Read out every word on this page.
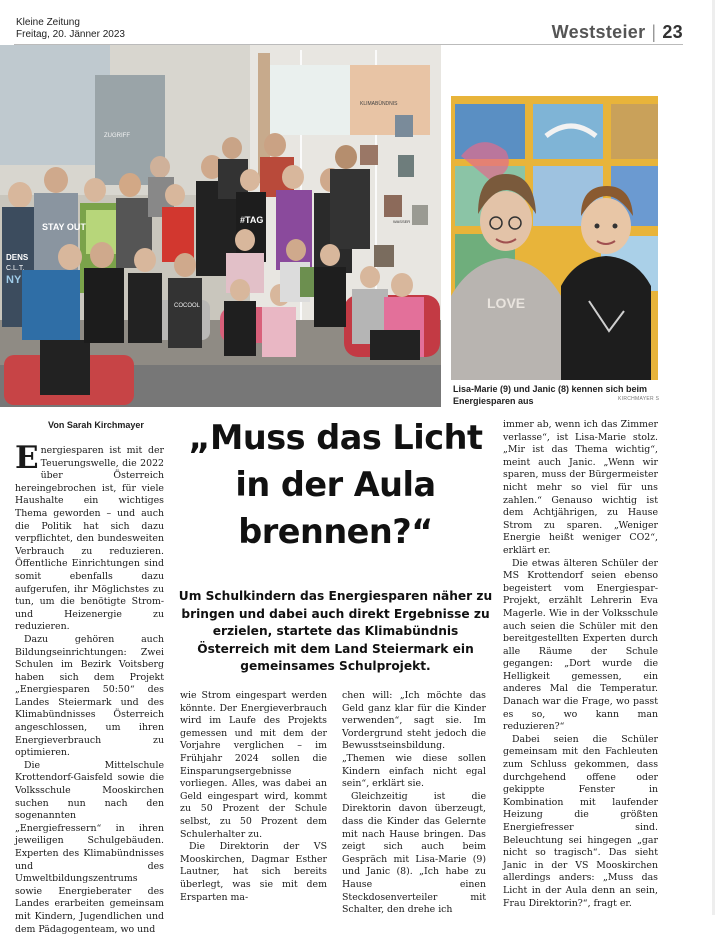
Kleine Zeitung
Freitag, 20. Jänner 2023	Weststeier | 23
STAY OUT
DENS
C.L.T.
NY
#TAG
COCOOL
ZUGRIFF
KLIMABÜNDNIS
WASSER
LOVE
Lisa-Marie (9) und Janic (8) kennen sich beim Energiesparen aus	KIRCHMAYER S
Von Sarah Kirchmayer	„Muss das Licht
in der Aula
brennen?“
Um Schulkindern das Energiesparen näher zu bringen und dabei auch direkt Ergebnisse zu erzielen, startete das Klimabündnis Österreich mit dem Land Steiermark ein gemeinsames Schulprojekt.

Energiesparen ist mit der Teuerungswelle, die 2022 über Österreich hereingebrochen ist, für viele Haushalte ein wichtiges Thema geworden – und auch die Politik hat sich dazu verpflichtet, den bundesweiten Verbrauch zu reduzieren. Öffentliche Einrichtungen sind somit ebenfalls dazu aufgerufen, ihr Möglichstes zu tun, um die benötigte Strom- und Heizenergie zu reduzieren.

Dazu gehören auch Bildungseinrichtungen: Zwei Schulen im Bezirk Voitsberg haben sich dem Projekt „Energiesparen 50:50“ des Landes Steiermark und des Klimabündnisses Österreich angeschlossen, um ihren Energieverbrauch zu optimieren.

Die Mittelschule Krottendorf-Gaisfeld sowie die Volksschule Mooskirchen suchen nun nach den sogenannten „Energiefressern“ in ihren jeweiligen Schulgebäuden. Experten des Klimabündnisses und des Umweltbildungszentrums sowie Energieberater des Landes erarbeiten gemeinsam mit Kindern, Jugendlichen und dem Pädagogenteam, wo und

wie Strom eingespart werden könnte. Der Energieverbrauch wird im Laufe des Projekts gemessen und mit dem der Vorjahre verglichen – im Frühjahr 2024 sollen die Einsparungsergebnisse vorliegen. Alles, was dabei an Geld eingespart wird, kommt zu 50 Prozent der Schule selbst, zu 50 Prozent dem Schulerhalter zu.

Die Direktorin der VS Mooskirchen, Dagmar Esther Lautner, hat sich bereits überlegt, was sie mit dem Ersparten ma-

chen will: „Ich möchte das Geld ganz klar für die Kinder verwenden“, sagt sie. Im Vordergrund steht jedoch die Bewusstseinsbildung. „Themen wie diese sollen Kindern einfach nicht egal sein“, erklärt sie.

Gleichzeitig ist die Direktorin davon überzeugt, dass die Kinder das Gelernte mit nach Hause bringen. Das zeigt sich auch beim Gespräch mit Lisa-Marie (9) und Janic (8). „Ich habe zu Hause einen Steckdosenverteiler mit Schalter, den drehe ich

immer ab, wenn ich das Zimmer verlasse“, ist Lisa-Marie stolz. „Mir ist das Thema wichtig“, meint auch Janic. „Wenn wir sparen, muss der Bürgermeister nicht mehr so viel für uns zahlen.“ Genauso wichtig ist dem Achtjährigen, zu Hause Strom zu sparen. „Weniger Energie heißt weniger CO2“, erklärt er.

Die etwas älteren Schüler der MS Krottendorf seien ebenso begeistert vom Energiespar-Projekt, erzählt Lehrerin Eva Magerle. Wie in der Volksschule auch seien die Schüler mit den bereitgestellten Experten durch alle Räume der Schule gegangen: „Dort wurde die Helligkeit gemessen, ein anderes Mal die Temperatur. Danach war die Frage, wo passt es so, wo kann man reduzieren?“

Dabei seien die Schüler gemeinsam mit den Fachleuten zum Schluss gekommen, dass durchgehend offene oder gekippte Fenster in Kombination mit laufender Heizung die größten Energiefresser sind. Beleuchtung sei hingegen „gar nicht so tragisch“. Das sieht Janic in der VS Mooskirchen allerdings anders: „Muss das Licht in der Aula denn an sein, Frau Direktorin?“, fragt er.
